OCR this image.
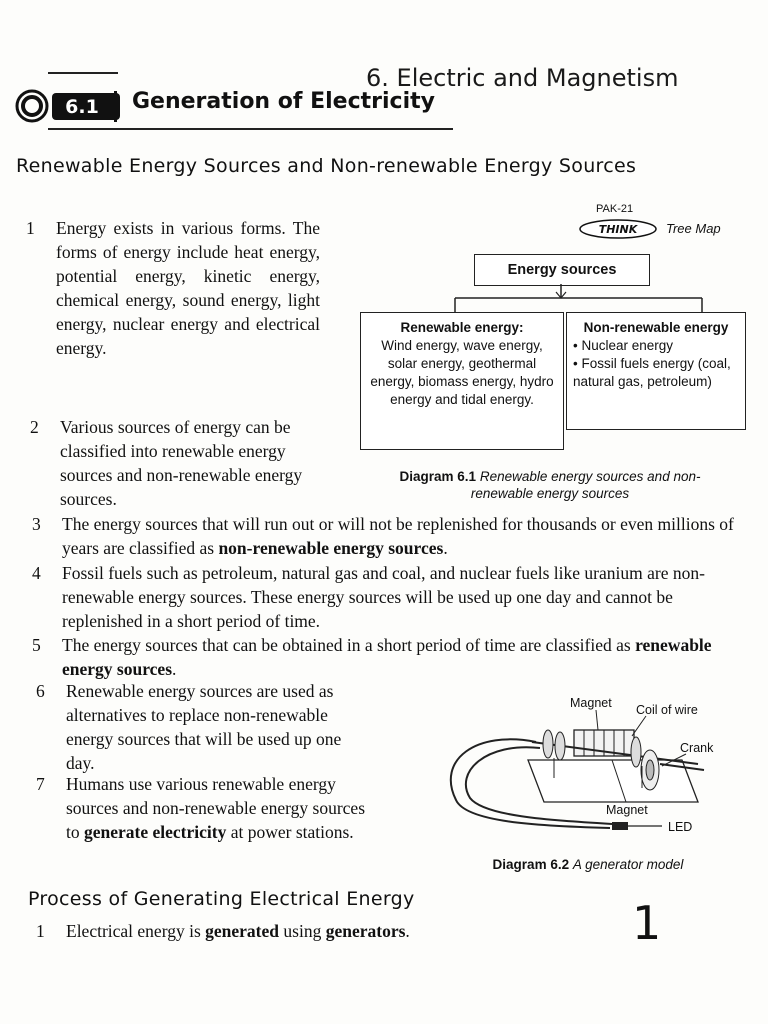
6. Electric and Magnetism
6.1 Generation of Electricity
Renewable Energy Sources and Non-renewable Energy Sources
1 Energy exists in various forms. The forms of energy include heat energy, potential energy, kinetic energy, chemical energy, sound energy, light energy, nuclear energy and electrical energy.
2 Various sources of energy can be classified into renewable energy sources and non-renewable energy sources.
PAK-21
THINK Tree Map
Energy sources
Renewable energy:
Wind energy, wave energy, solar energy, geothermal energy, biomass energy, hydro energy and tidal energy.
Non-renewable energy
• Nuclear energy
• Fossil fuels energy (coal, natural gas, petroleum)
Diagram 6.1 Renewable energy sources and non-renewable energy sources
3 The energy sources that will run out or will not be replenished for thousands or even millions of years are classified as non-renewable energy sources.
4 Fossil fuels such as petroleum, natural gas and coal, and nuclear fuels like uranium are non-renewable energy sources. These energy sources will be used up one day and cannot be replenished in a short period of time.
5 The energy sources that can be obtained in a short period of time are classified as renewable energy sources.
6 Renewable energy sources are used as alternatives to replace non-renewable energy sources that will be used up one day.
7 Humans use various renewable energy sources and non-renewable energy sources to generate electricity at power stations.
Magnet Coil of wire
Crank
Magnet
LED
Diagram 6.2 A generator model
Process of Generating Electrical Energy
1 Electrical energy is generated using generators.	1
